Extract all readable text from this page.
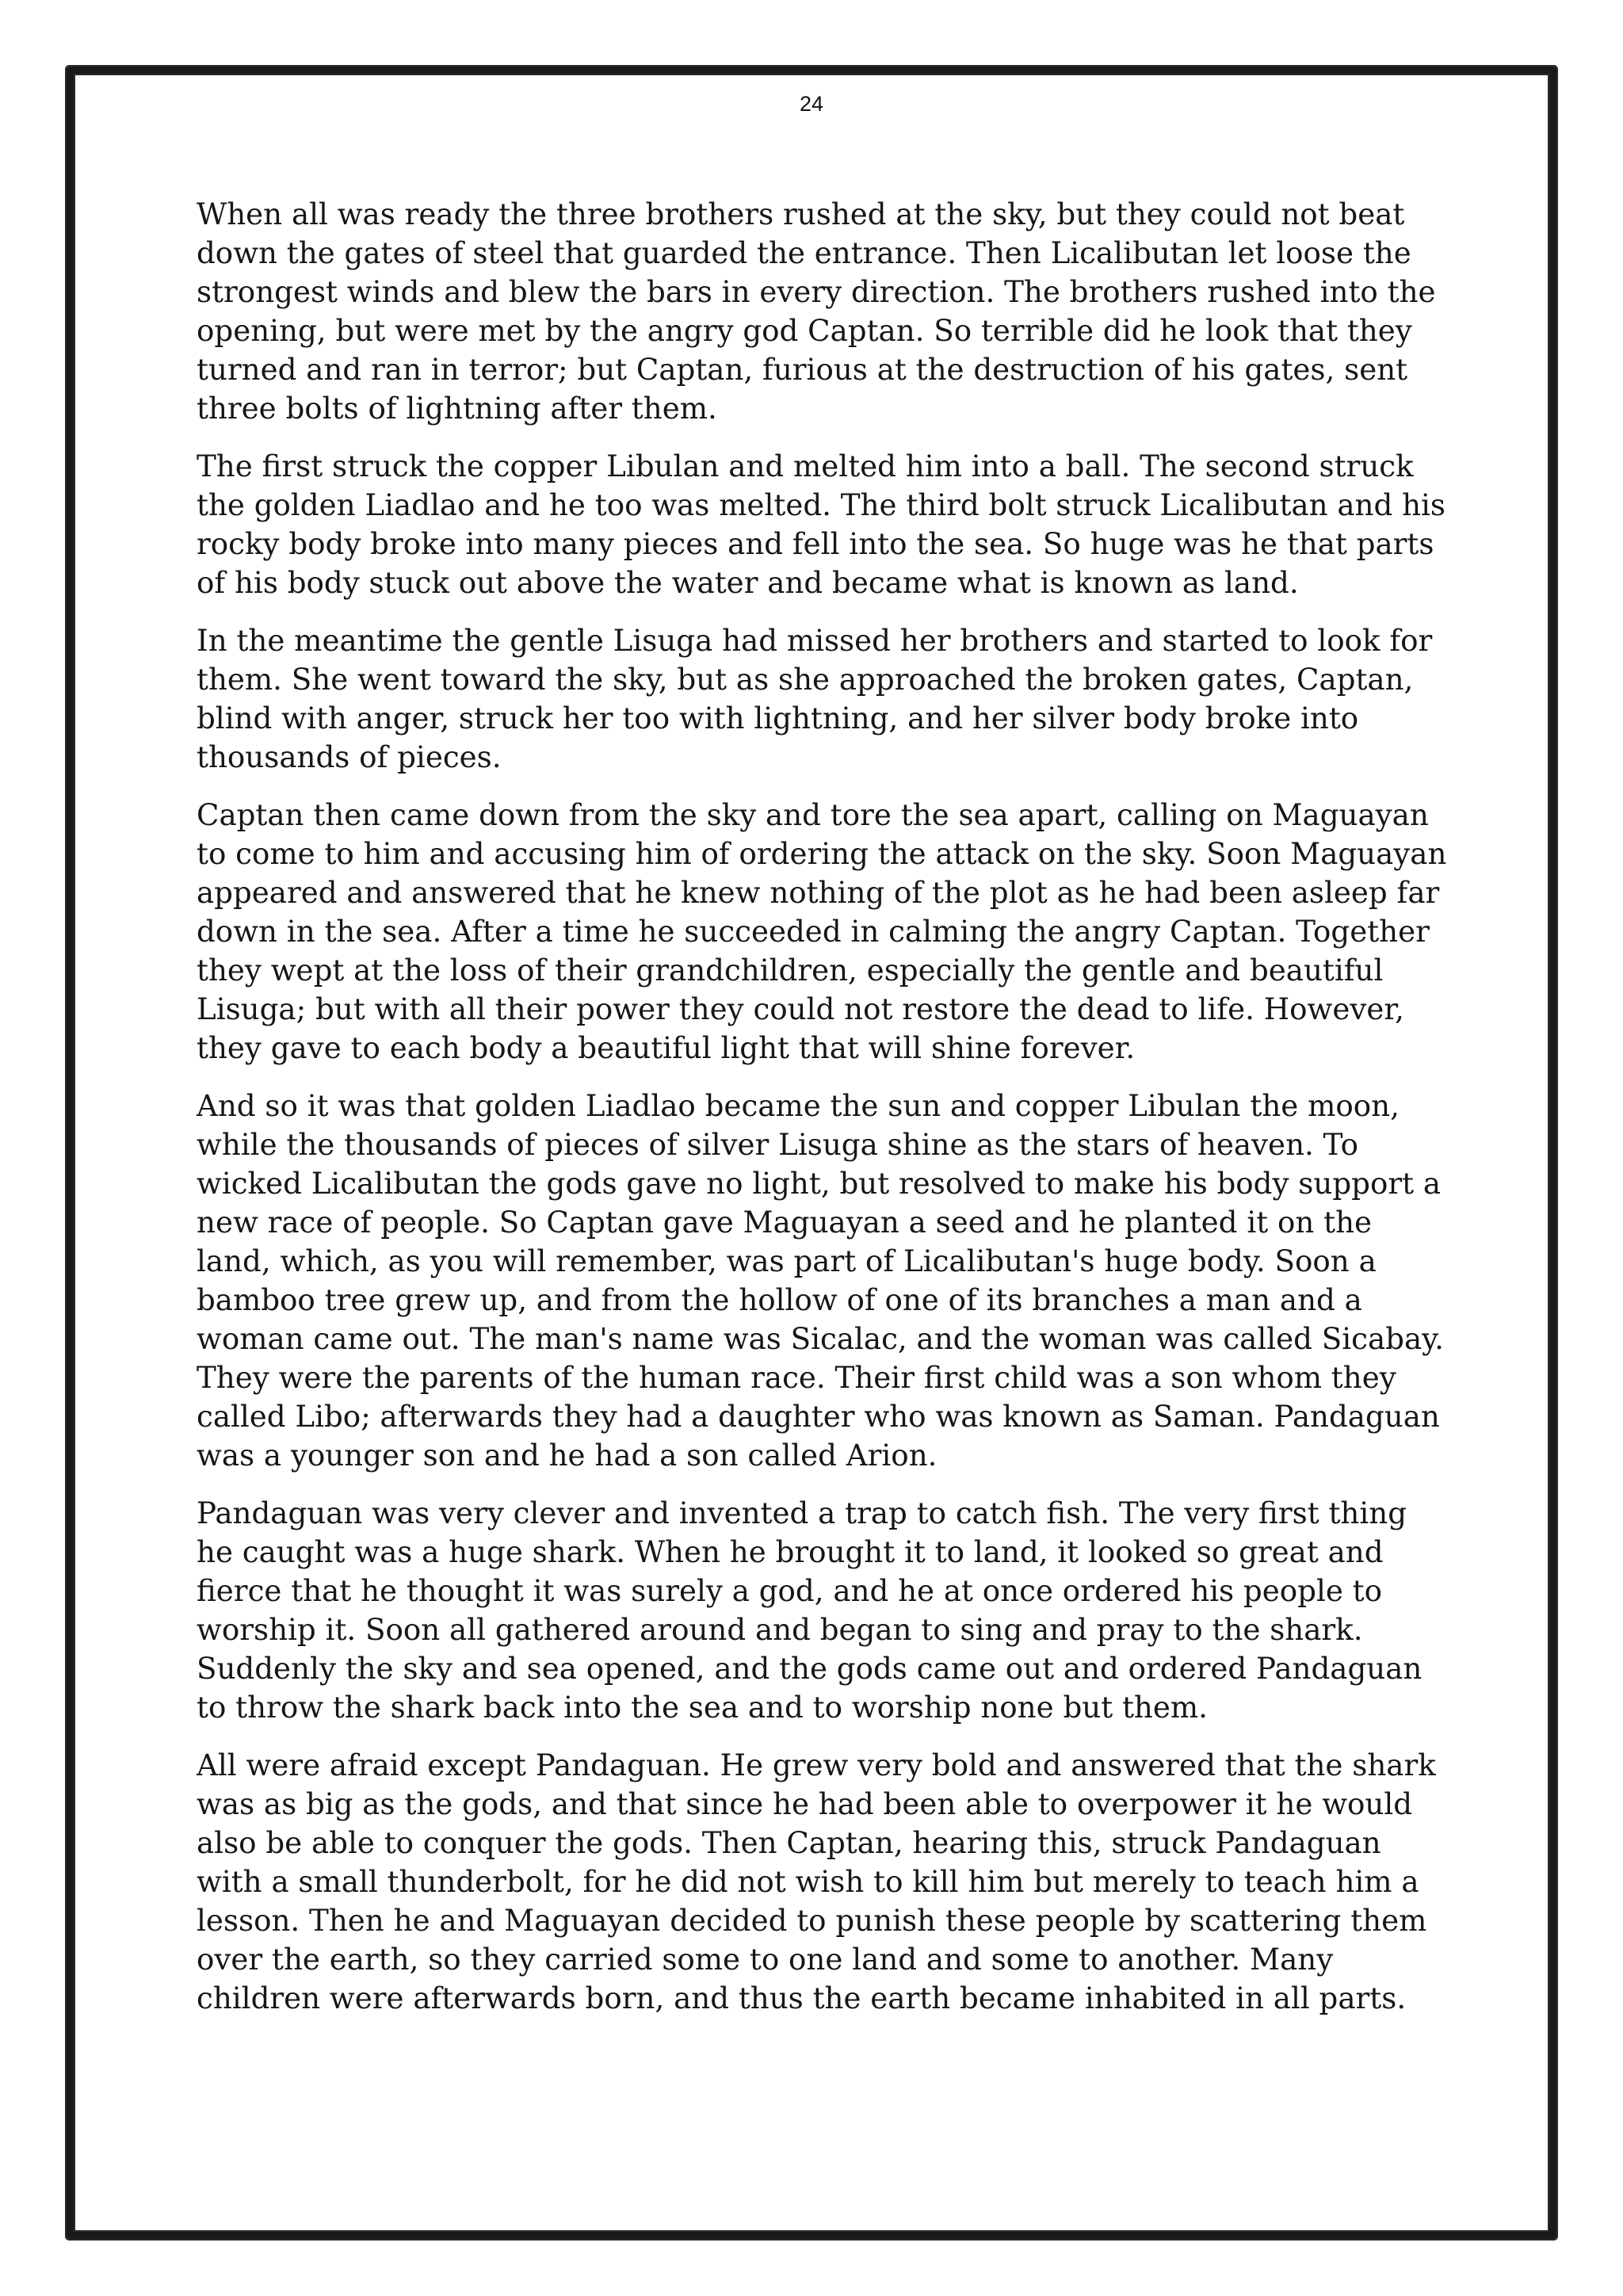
24

When all was ready the three brothers rushed at the sky, but they could not beat down the gates of steel that guarded the entrance. Then Licalibutan let loose the strongest winds and blew the bars in every direction. The brothers rushed into the opening, but were met by the angry god Captan. So terrible did he look that they turned and ran in terror; but Captan, furious at the destruction of his gates, sent three bolts of lightning after them.

The first struck the copper Libulan and melted him into a ball. The second struck the golden Liadlao and he too was melted. The third bolt struck Licalibutan and his rocky body broke into many pieces and fell into the sea. So huge was he that parts of his body stuck out above the water and became what is known as land.

In the meantime the gentle Lisuga had missed her brothers and started to look for them. She went toward the sky, but as she approached the broken gates, Captan, blind with anger, struck her too with lightning, and her silver body broke into thousands of pieces.

Captan then came down from the sky and tore the sea apart, calling on Maguayan to come to him and accusing him of ordering the attack on the sky. Soon Maguayan appeared and answered that he knew nothing of the plot as he had been asleep far down in the sea. After a time he succeeded in calming the angry Captan. Together they wept at the loss of their grandchildren, especially the gentle and beautiful Lisuga; but with all their power they could not restore the dead to life. However, they gave to each body a beautiful light that will shine forever.

And so it was that golden Liadlao became the sun and copper Libulan the moon, while the thousands of pieces of silver Lisuga shine as the stars of heaven. To wicked Licalibutan the gods gave no light, but resolved to make his body support a new race of people. So Captan gave Maguayan a seed and he planted it on the land, which, as you will remember, was part of Licalibutan's huge body. Soon a bamboo tree grew up, and from the hollow of one of its branches a man and a woman came out. The man's name was Sicalac, and the woman was called Sicabay. They were the parents of the human race. Their first child was a son whom they called Libo; afterwards they had a daughter who was known as Saman. Pandaguan was a younger son and he had a son called Arion.

Pandaguan was very clever and invented a trap to catch fish. The very first thing he caught was a huge shark. When he brought it to land, it looked so great and fierce that he thought it was surely a god, and he at once ordered his people to worship it. Soon all gathered around and began to sing and pray to the shark. Suddenly the sky and sea opened, and the gods came out and ordered Pandaguan to throw the shark back into the sea and to worship none but them.

All were afraid except Pandaguan. He grew very bold and answered that the shark was as big as the gods, and that since he had been able to overpower it he would also be able to conquer the gods. Then Captan, hearing this, struck Pandaguan with a small thunderbolt, for he did not wish to kill him but merely to teach him a lesson. Then he and Maguayan decided to punish these people by scattering them over the earth, so they carried some to one land and some to another. Many children were afterwards born, and thus the earth became inhabited in all parts.
